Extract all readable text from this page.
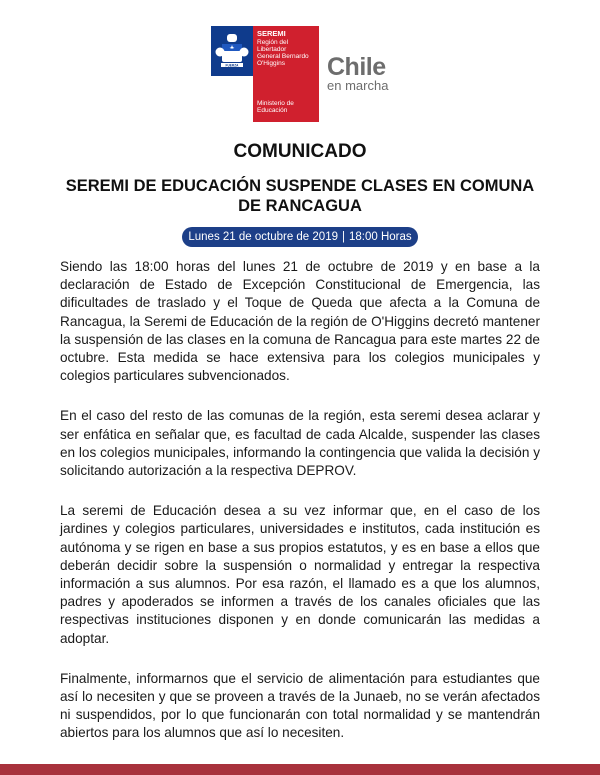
FUERZA
SEREMI
Región del Libertador
General Bernardo
O'Higgins
Ministerio de
Educación
Chile
en marcha
COMUNICADO
SEREMI DE EDUCACIÓN SUSPENDE CLASES EN COMUNA DE RANCAGUA
Lunes 21 de octubre de 2019 | 18:00 Horas

Siendo las 18:00 horas del lunes 21 de octubre de 2019 y en base a la declaración de Estado de Excepción Constitucional de Emergencia, las dificultades de traslado y el Toque de Queda que afecta a la Comuna de Rancagua, la Seremi de Educación de la región de O'Higgins decretó mantener la suspensión de las clases en la comuna de Rancagua para este martes 22 de octubre. Esta medida se hace extensiva para los colegios municipales y colegios particulares subvencionados.

En el caso del resto de las comunas de la región, esta seremi desea aclarar y ser enfática en señalar que, es facultad de cada Alcalde, suspender las clases en los colegios municipales, informando la contingencia que valida la decisión y solicitando autorización a la respectiva DEPROV.

La seremi de Educación desea a su vez informar que, en el caso de los jardines y colegios particulares, universidades e institutos, cada institución es autónoma y se rigen en base a sus propios estatutos, y es en base a ellos que deberán decidir sobre la suspensión o normalidad y entregar la respectiva información a sus alumnos. Por esa razón, el llamado es a que los alumnos, padres y apoderados se informen a través de los canales oficiales que las respectivas instituciones disponen y en donde comunicarán las medidas a adoptar.

Finalmente, informarnos que el servicio de alimentación para estudiantes que así lo necesiten y que se proveen a través de la Junaeb, no se verán afectados ni suspendidos, por lo que funcionarán con total normalidad y se mantendrán abiertos para los alumnos que así lo necesiten.
